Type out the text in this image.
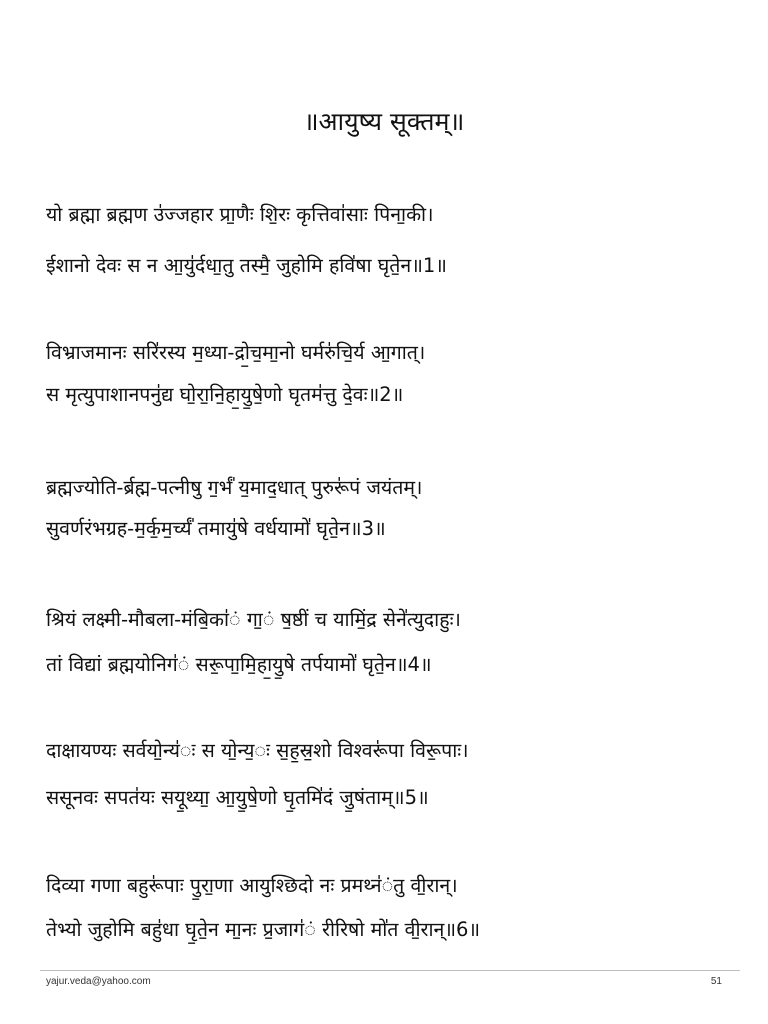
॥आयुष्य सूक्तम्॥
यो ब्रह्मा ब्रह्मण उ॑ज्जहार प्रा॒णैः शि॒रः कृत्तिवा॑साः पिना॒की।
ईशानो देवः स न आ॒यु॑र्दधा॒तु तस्मै॒ जुहोमि हवि॑षा घृते॒न॥1॥
विभ्राजमानः सरि॑रस्य म॒ध्या-द्रो॒च॒मा॒नो घर्मरु॑चि॒र्य आ॒गात्।
स मृत्युपाशानपनु॑द्य घो॒रा॒नि॒हा॒यु॒षे॒णो घृतम॑त्तु दे॒वः॥2॥
ब्रह्मज्योति-र्ब्रह्म-पत्नीषु ग॒र्भं॑ य॒माद॒धात् पुरुरू॑पं जयंतम्।
सुवर्णरंभग्रह-म॒र्क॒म॒र्च्यं॑ तमायु॑षे वर्धयामो॑ घृते॒न॥3॥
श्रियं लक्ष्मी-मौबला-मंबि॒का॑ं गा॒ं ष॒ष्ठीं च यामिं॒द्र सेने॑त्युदाहुः।
तां विद्यां ब्रह्मयोनिग॑ं सरू॒पा॒मि॒हा॒यु॒षे तर्पयामो॑ घृते॒न॥4॥
दाक्षायण्यः सर्वयो॒न्य॑ः स यो॒न्य॒ः स॒ह॒स्र॒शो विश्वरू॑पा विरू॒पाः।
ससूनवः सपत॑यः सयू॒थ्या॒ आ॒यु॒षे॒णो घृ॒तमि॑दं जु॒षंताम्॥5॥
दिव्या गणा बहुरू॑पाः पु॒रा॒णा आयुश्छिदो नः प्रमथ्न॑ंतु वी॒रान्।
तेभ्यो जुहोमि बहु॑धा घृ॒ते॒न मा॒नः प्र॒जाग॑ं रीरिषो मो॑त वी॒रान्॥6॥
yajur.veda@yahoo.com	51
